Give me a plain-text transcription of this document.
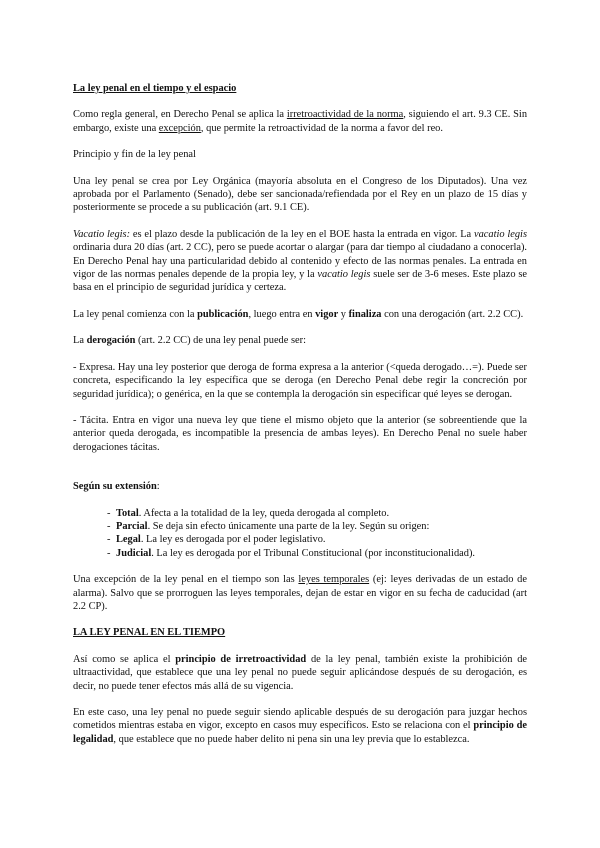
La ley penal en el tiempo y el espacio

Como regla general, en Derecho Penal se aplica la irretroactividad de la norma, siguiendo el art. 9.3 CE. Sin embargo, existe una excepción, que permite la retroactividad de la norma a favor del reo.

Principio y fin de la ley penal

Una ley penal se crea por Ley Orgánica (mayoría absoluta en el Congreso de los Diputados). Una vez aprobada por el Parlamento (Senado), debe ser sancionada/refiendada por el Rey en un plazo de 15 días y posteriormente se procede a su publicación (art. 9.1 CE).

Vacatio legis: es el plazo desde la publicación de la ley en el BOE hasta la entrada en vigor. La vacatio legis ordinaria dura 20 días (art. 2 CC), pero se puede acortar o alargar (para dar tiempo al ciudadano a conocerla). En Derecho Penal hay una particularidad debido al contenido y efecto de las normas penales. La entrada en vigor de las normas penales depende de la propia ley, y la vacatio legis suele ser de 3-6 meses. Este plazo se basa en el principio de seguridad jurídica y certeza.

La ley penal comienza con la publicación, luego entra en vigor y finaliza con una derogación (art. 2.2 CC).

La derogación (art. 2.2 CC) de una ley penal puede ser:

- Expresa. Hay una ley posterior que deroga de forma expresa a la anterior (<queda derogado…=). Puede ser concreta, especificando la ley específica que se deroga (en Derecho Penal debe regir la concreción por seguridad jurídica); o genérica, en la que se contempla la derogación sin especificar qué leyes se derogan.

- Tácita. Entra en vigor una nueva ley que tiene el mismo objeto que la anterior (se sobreentiende que la anterior queda derogada, es incompatible la presencia de ambas leyes). En Derecho Penal no suele haber derogaciones tácitas.

Según su extensión:

- Total. Afecta a la totalidad de la ley, queda derogada al completo.
- Parcial. Se deja sin efecto únicamente una parte de la ley. Según su origen:
- Legal. La ley es derogada por el poder legislativo.
- Judicial. La ley es derogada por el Tribunal Constitucional (por inconstitucionalidad).

Una excepción de la ley penal en el tiempo son las leyes temporales (ej: leyes derivadas de un estado de alarma). Salvo que se prorroguen las leyes temporales, dejan de estar en vigor en su fecha de caducidad (art 2.2 CP).

LA LEY PENAL EN EL TIEMPO

Así como se aplica el principio de irretroactividad de la ley penal, también existe la prohibición de ultraactividad, que establece que una ley penal no puede seguir aplicándose después de su derogación, es decir, no puede tener efectos más allá de su vigencia.

En este caso, una ley penal no puede seguir siendo aplicable después de su derogación para juzgar hechos cometidos mientras estaba en vigor, excepto en casos muy específicos. Esto se relaciona con el principio de legalidad, que establece que no puede haber delito ni pena sin una ley previa que lo establezca.
